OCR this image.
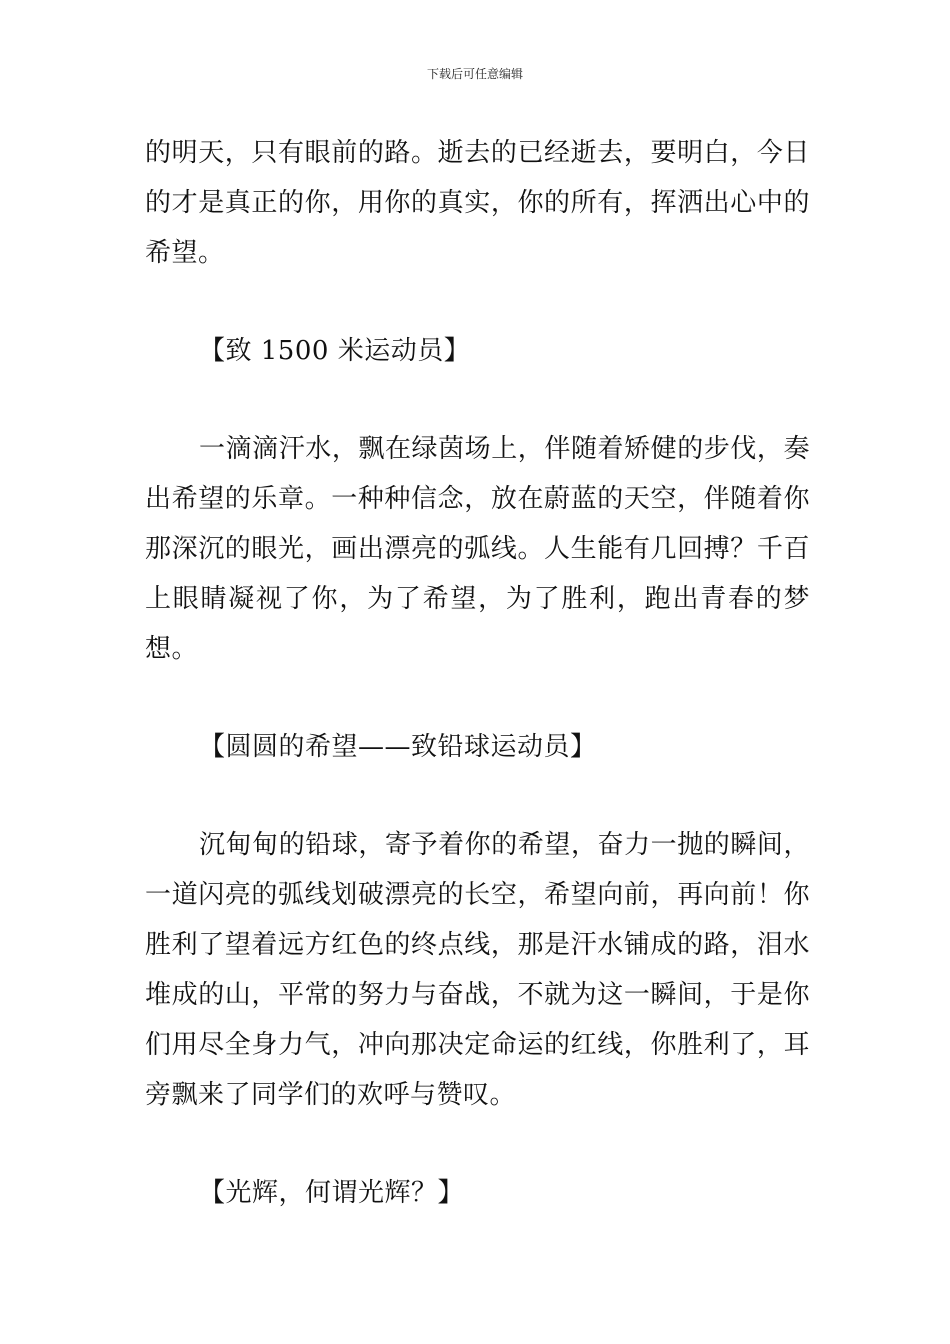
下载后可任意编辑

的明天，只有眼前的路。逝去的已经逝去，要明白，今日的才是真正的你，用你的真实，你的所有，挥洒出心中的希望。

【致 1500 米运动员】

一滴滴汗水，飘在绿茵场上，伴随着矫健的步伐，奏出希望的乐章。一种种信念，放在蔚蓝的天空，伴随着你那深沉的眼光，画出漂亮的弧线。人生能有几回搏？千百上眼睛凝视了你，为了希望，为了胜利，跑出青春的梦想。

【圆圆的希望——致铅球运动员】

沉甸甸的铅球，寄予着你的希望，奋力一抛的瞬间，一道闪亮的弧线划破漂亮的长空，希望向前，再向前！你胜利了望着远方红色的终点线，那是汗水铺成的路，泪水堆成的山，平常的努力与奋战，不就为这一瞬间，于是你们用尽全身力气，冲向那决定命运的红线，你胜利了，耳旁飘来了同学们的欢呼与赞叹。

【光辉，何谓光辉？】
